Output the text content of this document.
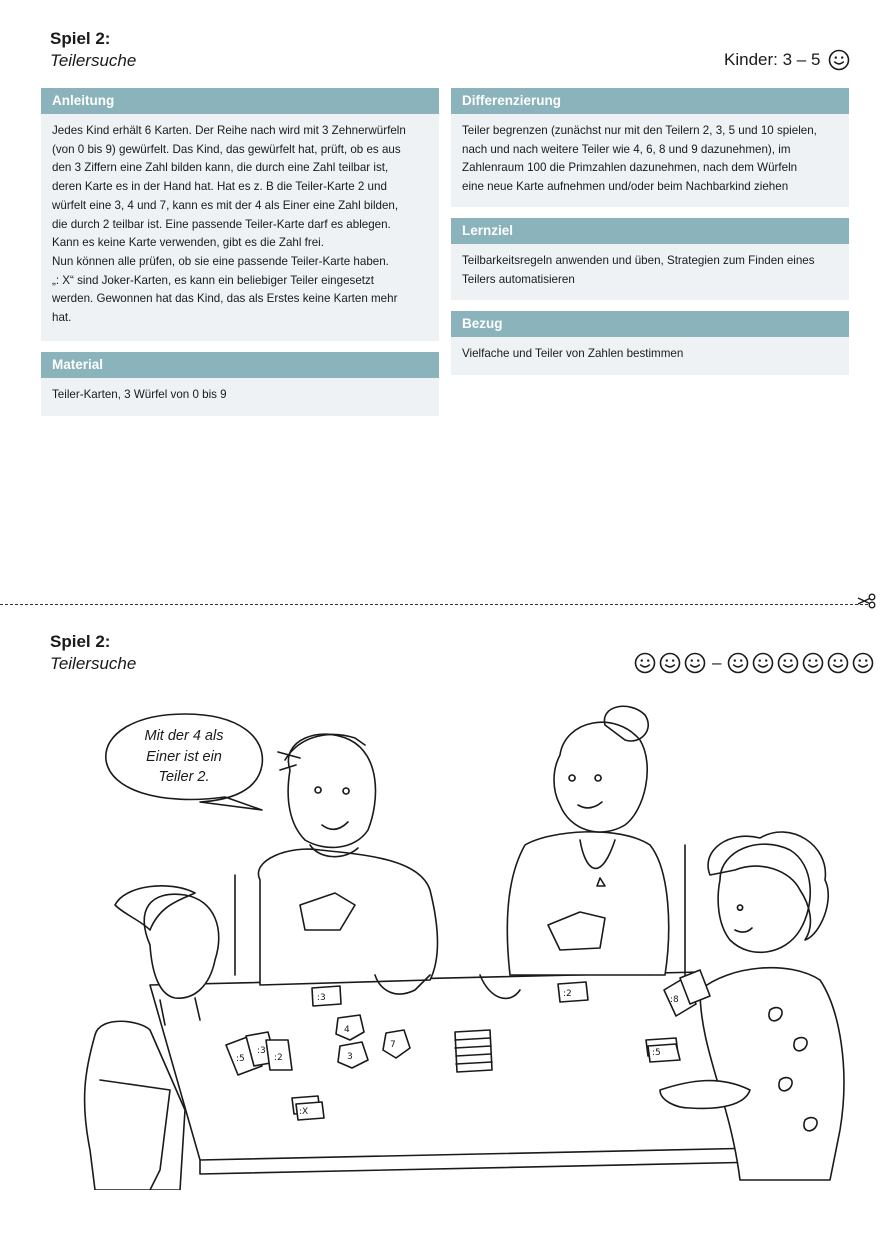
Spiel 2:
Teilersuche	Kinder: 3 – 5
Anleitung

Jedes Kind erhält 6 Karten. Der Reihe nach wird mit 3 Zehnerwürfeln

(von 0 bis 9) gewürfelt. Das Kind, das gewürfelt hat, prüft, ob es aus

den 3 Ziffern eine Zahl bilden kann, die durch eine Zahl teilbar ist,

deren Karte es in der Hand hat. Hat es z. B die Teiler-Karte 2 und

würfelt eine 3, 4 und 7, kann es mit der 4 als Einer eine Zahl bilden,

die durch 2 teilbar ist. Eine passende Teiler-Karte darf es ablegen.

Kann es keine Karte verwenden, gibt es die Zahl frei.

Nun können alle prüfen, ob sie eine passende Teiler-Karte haben.

„: X“ sind Joker-Karten, es kann ein beliebiger Teiler eingesetzt

werden. Gewonnen hat das Kind, das als Erstes keine Karten mehr

hat.

Material
Teiler-Karten, 3 Würfel von 0 bis 9
Differenzierung

Teiler begrenzen (zunächst nur mit den Teilern 2, 3, 5 und 10 spielen,

nach und nach weitere Teiler wie 4, 6, 8 und 9 dazunehmen), im

Zahlenraum 100 die Primzahlen dazunehmen, nach dem Würfeln

eine neue Karte aufnehmen und/oder beim Nachbarkind ziehen

Lernziel

Teilbarkeitsregeln anwenden und üben, Strategien zum Finden eines

Teilers automatisieren

Bezug
Vielfache und Teiler von Zahlen bestimmen
Spiel 2:
Teilersuche	–
:3	:2
:X
:5
:3
:2
:8
:5
4
7
3
Mit der 4 als
Einer ist ein
Teiler 2.
